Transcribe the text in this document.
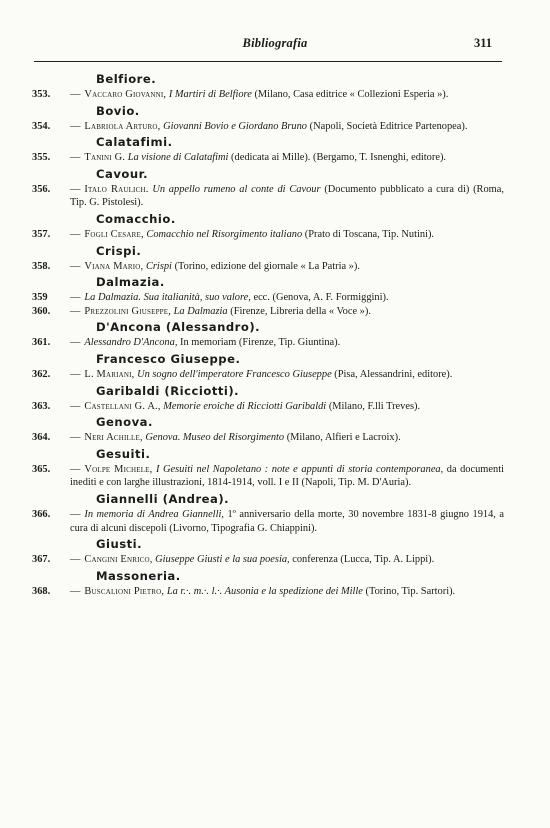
Bibliografia	311
Belfiore.
353.	— Vaccaro Giovanni, I Martiri di Belfiore (Milano, Casa editrice « Collezioni Esperia »).
Bovio.
354.	— Labriola Arturo, Giovanni Bovio e Giordano Bruno (Napoli, Società Editrice Partenopea).
Calatafimi.
355.	— Tanini G. La visione di Calatafimi (dedicata ai Mille). (Bergamo, T. Isnenghi, editore).
Cavour.
356.	— Italo Raulich. Un appello rumeno al conte di Cavour (Documento pubblicato a cura di) (Roma, Tip. G. Pistolesi).
Comacchio.
357.	— Fogli Cesare, Comacchio nel Risorgimento italiano (Prato di Toscana, Tip. Nutini).
Crispi.
358.	— Viana Mario, Crispi (Torino, edizione del giornale « La Patria »).
Dalmazia.
359	— La Dalmazia. Sua italianità, suo valore, ecc. (Genova, A. F. Formiggini).
360.	— Prezzolini Giuseppe, La Dalmazia (Firenze, Libreria della « Voce »).
D'Ancona (Alessandro).
361.	— Alessandro D'Ancona, In memoriam (Firenze, Tip. Giuntina).
Francesco Giuseppe.
362.	— L. Mariani, Un sogno dell'imperatore Francesco Giuseppe (Pisa, Alessandrini, editore).
Garibaldi (Ricciotti).
363.	— Castellani G. A., Memorie eroiche di Ricciotti Garibaldi (Milano, F.lli Treves).
Genova.
364.	— Neri Achille, Genova. Museo del Risorgimento (Milano, Alfieri e Lacroix).
Gesuiti.
365.	— Volpe Michele, I Gesuiti nel Napoletano : note e appunti di storia contemporanea, da documenti inediti e con larghe illustrazioni, 1814-1914, voll. I e II (Napoli, Tip. M. D'Auria).
Giannelli (Andrea).
366.	— In memoria di Andrea Giannelli, 1º anniversario della morte, 30 novembre 1831-8 giugno 1914, a cura di alcuni discepoli (Livorno, Tipografia G. Chiappini).
Giusti.
367.	— Cangini Enrico, Giuseppe Giusti e la sua poesia, conferenza (Lucca, Tip. A. Lippi).
Massoneria.
368.	— Buscalioni Pietro, La r.·. m.·. l.·. Ausonia e la spedizione dei Mille (Torino, Tip. Sartori).
